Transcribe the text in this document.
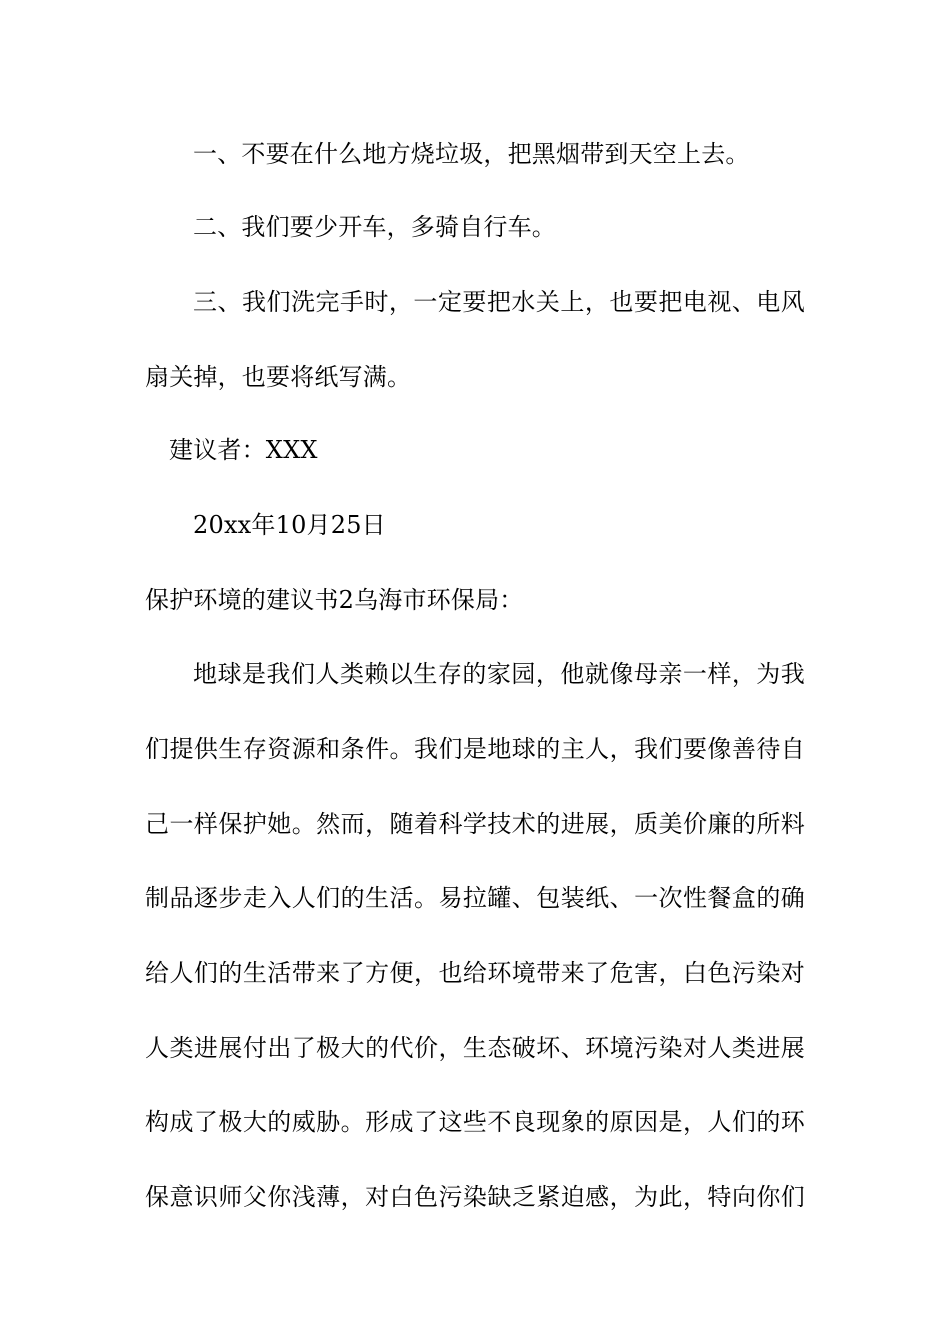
一、不要在什么地方烧垃圾，把黑烟带到天空上去。
二、我们要少开车，多骑自行车。
三、我们洗完手时，一定要把水关上，也要把电视、电风
扇关掉，也要将纸写满。
建议者：XXX
20xx年10月25日
保护环境的建议书2乌海市环保局：
地球是我们人类赖以生存的家园，他就像母亲一样，为我
们提供生存资源和条件。我们是地球的主人，我们要像善待自
己一样保护她。然而，随着科学技术的进展，质美价廉的所料
制品逐步走入人们的生活。易拉罐、包装纸、一次性餐盒的确
给人们的生活带来了方便，也给环境带来了危害，白色污染对
人类进展付出了极大的代价，生态破坏、环境污染对人类进展
构成了极大的威胁。形成了这些不良现象的原因是，人们的环
保意识师父你浅薄，对白色污染缺乏紧迫感，为此，特向你们
